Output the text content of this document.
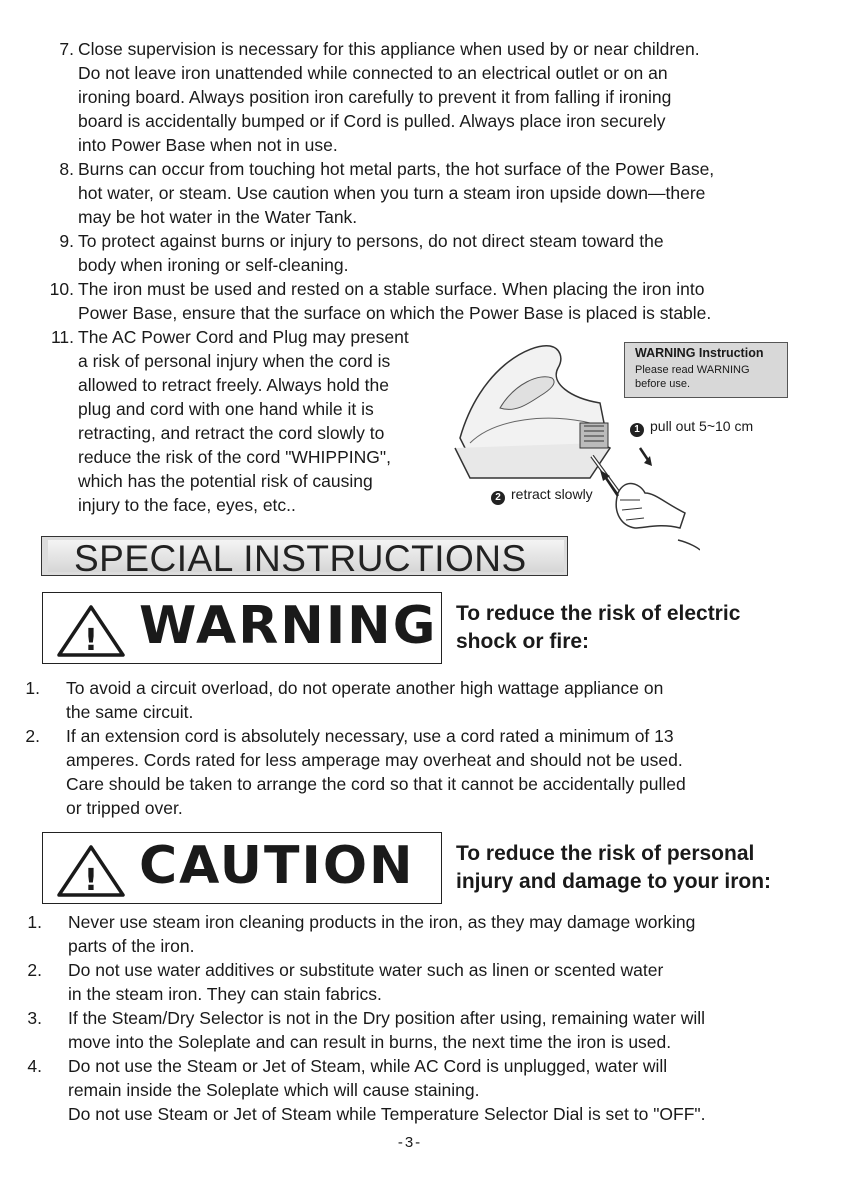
7. Close supervision is necessary for this appliance when used by or near children.
Do not leave iron unattended while connected to an electrical outlet or on an
ironing board. Always position iron carefully to prevent it from falling if ironing
board is accidentally bumped or if Cord is pulled. Always place iron securely
into Power Base when not in use.
8. Burns can occur from touching hot metal parts, the hot surface of the Power Base,
hot water, or steam. Use caution when you turn a steam iron upside down—there
may be hot water in the Water Tank.
9. To protect against burns or injury to persons, do not direct steam toward the
body when ironing or self-cleaning.
10. The iron must be used and rested on a stable surface. When placing the iron into
Power Base, ensure that the surface on which the Power Base is placed is stable.
11. The AC Power Cord and Plug may present
a risk of personal injury when the cord is
allowed to retract freely. Always hold the
plug and cord with one hand while it is
retracting, and retract the cord slowly to
reduce the risk of the cord "WHIPPING",
which has the potential risk of causing
injury to the face, eyes, etc..
WARNING Instruction
Please read WARNING before use.
1 pull out 5~10 cm
2 retract slowly
SPECIAL INSTRUCTIONS
! WARNING To reduce the risk of electric
shock or fire:
1. To avoid a circuit overload, do not operate another high wattage appliance on
the same circuit.
2. If an extension cord is absolutely necessary, use a cord rated a minimum of 13
amperes. Cords rated for less amperage may overheat and should not be used.
Care should be taken to arrange the cord so that it cannot be accidentally pulled
or tripped over.
! CAUTION To reduce the risk of personal
injury and damage to your iron:
1. Never use steam iron cleaning products in the iron, as they may damage working
parts of the iron.
2. Do not use water additives or substitute water such as linen or scented water
in the steam iron. They can stain fabrics.
3. If the Steam/Dry Selector is not in the Dry position after using, remaining water will
move into the Soleplate and can result in burns, the next time the iron is used.
4. Do not use the Steam or Jet of Steam, while AC Cord is unplugged, water will
remain inside the Soleplate which will cause staining.
Do not use Steam or Jet of Steam while Temperature Selector Dial is set to "OFF".
-3-
